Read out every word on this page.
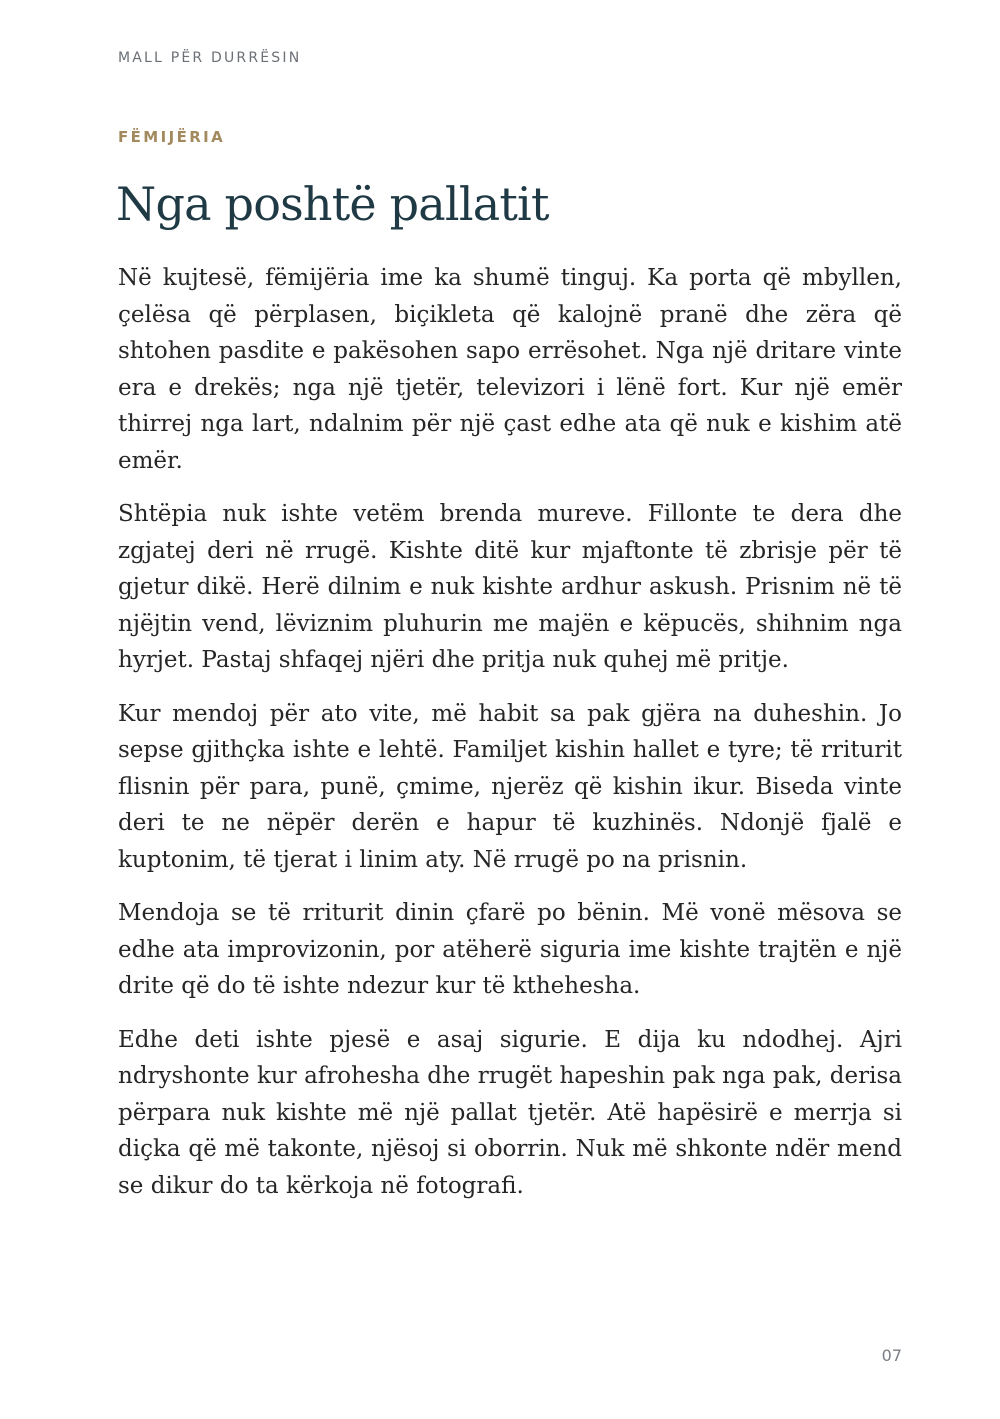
MALL PËR DURRËSIN
FËMIJËRIA
Nga poshtë pallatit

Në kujtesë, fëmijëria ime ka shumë tinguj. Ka porta që mbyllen, çelësa që përplasen, biçikleta që kalojnë pranë dhe zëra që shtohen pasdite e pakësohen sapo errësohet. Nga një dritare vinte era e drekës; nga një tjetër, televizori i lënë fort. Kur një emër thirrej nga lart, ndalnim për një çast edhe ata që nuk e kishim atë emër.

Shtëpia nuk ishte vetëm brenda mureve. Fillonte te dera dhe zgjatej deri në rrugë. Kishte ditë kur mjaftonte të zbrisje për të gjetur dikë. Herë dilnim e nuk kishte ardhur askush. Prisnim në të njëjtin vend, lëviznim pluhurin me majën e këpucës, shihnim nga hyrjet. Pastaj shfaqej njëri dhe pritja nuk quhej më pritje.

Kur mendoj për ato vite, më habit sa pak gjëra na duheshin. Jo sepse gjithçka ishte e lehtë. Familjet kishin hallet e tyre; të rriturit flisnin për para, punë, çmime, njerëz që kishin ikur. Biseda vinte deri te ne nëpër derën e hapur të kuzhinës. Ndonjë fjalë e kuptonim, të tjerat i linim aty. Në rrugë po na prisnin.

Mendoja se të rriturit dinin çfarë po bënin. Më vonë mësova se edhe ata improvizonin, por atëherë siguria ime kishte trajtën e një drite që do të ishte ndezur kur të kthehesha.

Edhe deti ishte pjesë e asaj sigurie. E dija ku ndodhej. Ajri ndryshonte kur afrohesha dhe rrugët hapeshin pak nga pak, derisa përpara nuk kishte më një pallat tjetër. Atë hapësirë e merrja si diçka që më takonte, njësoj si oborrin. Nuk më shkonte ndër mend se dikur do ta kërkoja në fotografi.

07
